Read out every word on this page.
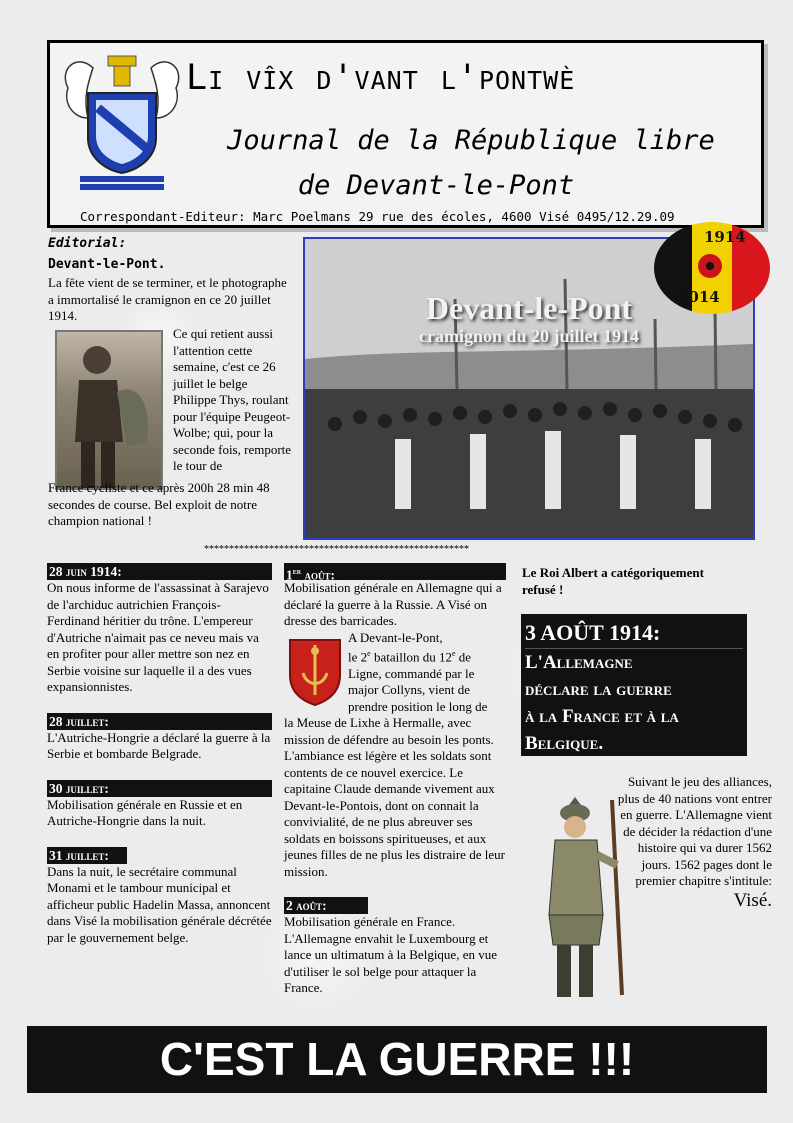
Li vîx d'vant l'pontwè
Journal de la République libre
de Devant-le-Pont
Correspondant-Editeur: Marc Poelmans 29 rue des écoles, 4600 Visé 0495/12.29.09
Editorial:
Devant-le-Pont.
La fête vient de se terminer, et le photographe a immortalisé le cramignon en ce 20 juillet 1914.
Ce qui retient aussi l'attention cette semaine, c'est ce 26 juillet le belge Philippe Thys, roulant pour l'équipe Peugeot-Wolbe; qui, pour la seconde fois, remporte le tour de
France cycliste et ce après 200h 28 min 48 secondes de course. Bel exploit de notre champion national !
Devant-le-Pont
cramignon du 20 juillet 1914
1914
2014
*****************************************************
28 juin 1914:
On nous informe de l'assassinat à Sarajevo de l'archiduc autrichien François-Ferdinand héritier du trône. L'empereur d'Autriche n'aimait pas ce neveu mais va en profiter pour aller mettre son nez en Serbie voisine sur laquelle il a des vues expansionnistes.
28 juillet:
L'Autriche-Hongrie a déclaré la guerre à la Serbie et bombarde Belgrade.
30 juillet:
Mobilisation générale en Russie et en Autriche-Hongrie dans la nuit.
31 juillet:
Dans la nuit, le secrétaire communal Monami et le tambour municipal et afficheur public Hadelin Massa, annoncent dans Visé la mobilisation générale décrétée par le gouvernement belge.
1er août:
Mobilisation générale en Allemagne qui a déclaré la guerre à la Russie. A Visé on dresse des barricades.
A Devant-le-Pont,
le 2e bataillon du 12e de
Ligne, commandé par le
major Collyns, vient de
prendre position le long de
la Meuse de Lixhe à Hermalle, avec mission de défendre au besoin les ponts. L'ambiance est légère et les soldats sont contents de ce nouvel exercice. Le capitaine Claude demande vivement aux Devant-le-Pontois, dont on connait la convivialité, de ne plus abreuver ses soldats en boissons spiritueuses, et aux jeunes filles de ne plus les distraire de leur mission.
2 août:
Mobilisation générale en France. L'Allemagne envahit le Luxembourg et lance un ultimatum à la Belgique, en vue d'utiliser le sol belge pour attaquer la France.
Le Roi Albert a catégoriquement refusé !
3 AOÛT 1914:
L'Allemagne
déclare la guerre
à la France et à la
Belgique.
Suivant le jeu des alliances, plus de 40 nations vont entrer en guerre. L'Allemagne vient de décider la rédaction d'une histoire qui va durer 1562 jours. 1562 pages dont le premier chapitre s'intitule:
Visé.
C'EST LA GUERRE !!!
